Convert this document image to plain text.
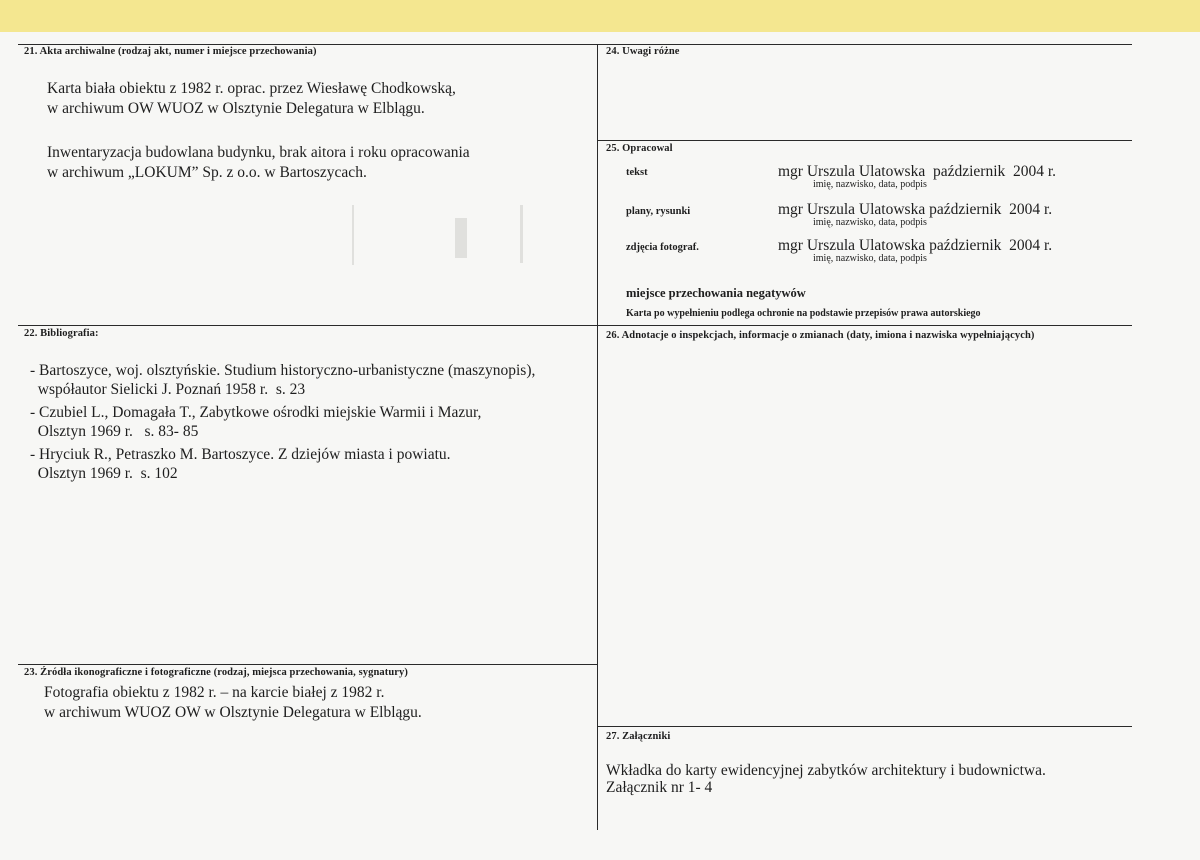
21. Akta archiwalne (rodzaj akt, numer i miejsce przechowania)
Karta biała obiektu z 1982 r. oprac. przez Wiesławę Chodkowską,
w archiwum OW WUOZ w Olsztynie Delegatura w Elblągu.
Inwentaryzacja budowlana budynku, brak aitora i roku opracowania
w archiwum „LOKUM” Sp. z o.o. w Bartoszycach.
22. Bibliografia:
- Bartoszyce, woj. olsztyńskie. Studium historyczno-urbanistyczne (maszynopis),
współautor Sielicki J. Poznań 1958 r.  s. 23
- Czubiel L., Domagała T., Zabytkowe ośrodki miejskie Warmii i Mazur,
Olsztyn 1969 r.   s. 83- 85
- Hryciuk R., Petraszko M. Bartoszyce. Z dziejów miasta i powiatu.
Olsztyn 1969 r.  s. 102
23. Źródła ikonograficzne i fotograficzne (rodzaj, miejsca przechowania, sygnatury)
Fotografia obiektu z 1982 r. – na karcie białej z 1982 r.
w archiwum WUOZ OW w Olsztynie Delegatura w Elblągu.
24. Uwagi różne
25. Opracowal
tekst	mgr Urszula Ulatowska  październik  2004 r.
imię, nazwisko, data, podpis
plany, rysunki	mgr Urszula Ulatowska październik  2004 r.
imię, nazwisko, data, podpis
zdjęcia fotograf.	mgr Urszula Ulatowska październik  2004 r.
imię, nazwisko, data, podpis
miejsce przechowania negatywów
Karta po wypełnieniu podlega ochronie na podstawie przepisów prawa autorskiego
26. Adnotacje o inspekcjach, informacje o zmianach (daty, imiona i nazwiska wypełniających)
27. Załączniki
Wkładka do karty ewidencyjnej zabytków architektury i budownictwa.
Załącznik nr 1- 4
